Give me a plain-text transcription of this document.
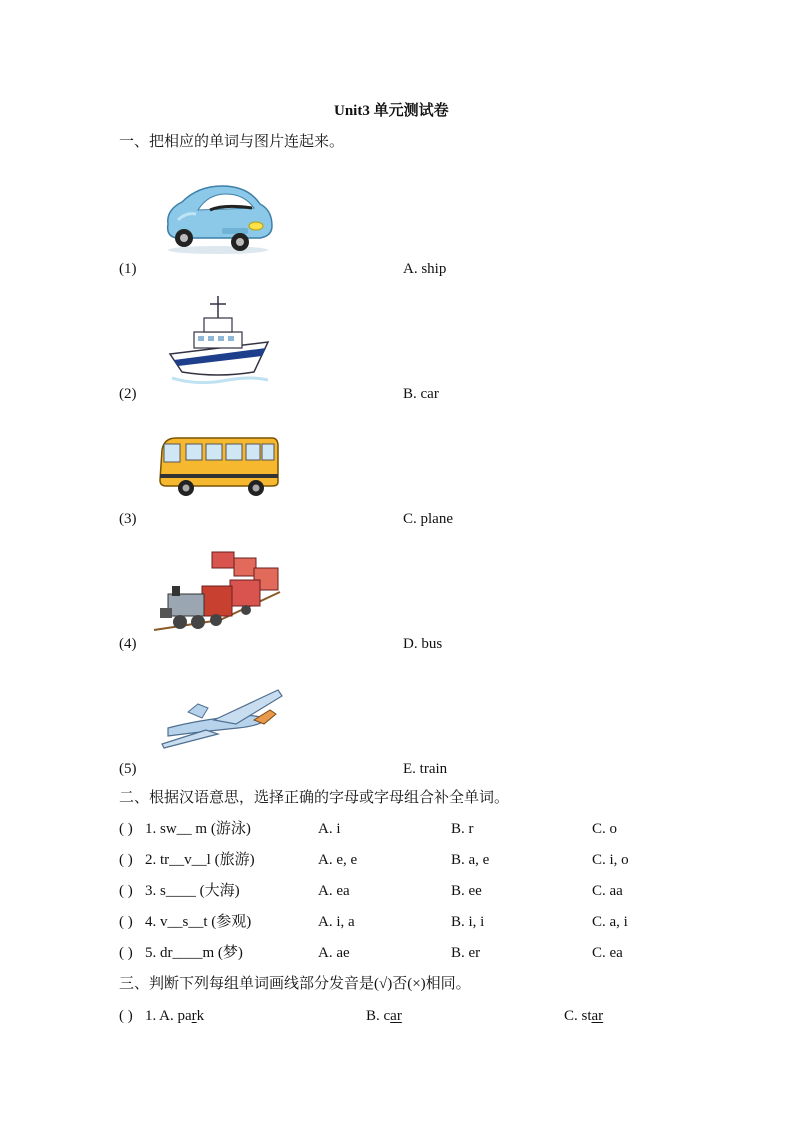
Unit3 单元测试卷
一、把相应的单词与图片连起来。
(1)	A. ship
(2)	B. car
(3)	C. plane
(4)	D. bus
(5)	E. train
二、根据汉语意思，选择正确的字母或字母组合补全单词。
( ) 1. sw__ m (游泳)	A. i	B. r	C. o
( ) 2. tr__v__l (旅游)	A. e, e	B. a, e	C. i, o
( ) 3. s____ (大海)	A. ea	B. ee	C. aa
( ) 4. v__s__t (参观)	A. i, a	B. i, i	C. a, i
( ) 5. dr____m (梦)	A. ae	B. er	C. ea
三、判断下列每组单词画线部分发音是(√)否(×)相同。
( ) 1. A. park	B. car	C. star
